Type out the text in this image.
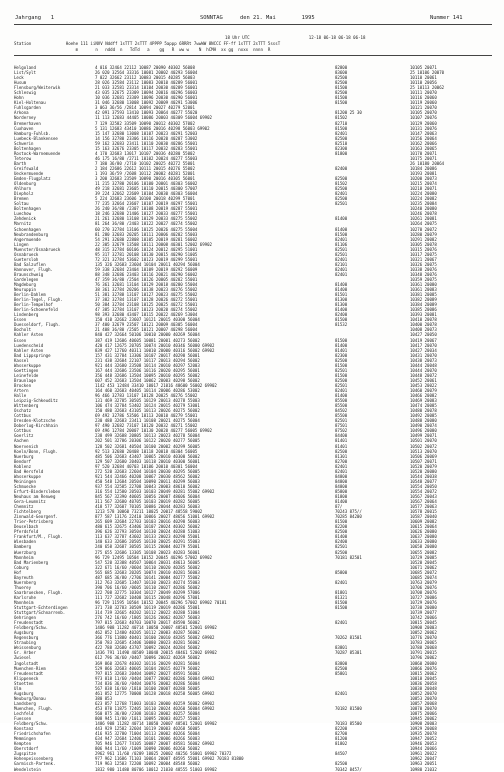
Jahrgang   1	SONNTAG	den 21. Mai	1995	Nummer 141
18 Uhr UTC                        12-18 06-18 06-18 06-18
Station              Hoehe 111 iiNVV Nddff 1sTTT 2sTTT 4PPPP 5appp 6RRRt 7wwWW 8NCCC FF-ff 1sTTT 2sTTT 5sssT
m       n   nddd  n   TdTd   a    gg   R  ww w    N  hCMH  xx gg  nxxx  nnnn  R
Helgoland	4 016 32464 22112 10087 20090 40302 56008	82800	10105 20071
List/Sylt	26 020 32564 33316 10081 20002 40293 56004	83600	25 10106 20070
Leck	7 022 32662 23112 10083 20015 40285 56003	82500	10110 20061
Husum	28 026 32584 23112 10083 20010 40289 56001	82500	10110 20056
Flensburg/Weiterwik	21 033 32581 23314 10104 20030 40289 56001	81500	25 10113 20062
Schleswig	43 035 32675 23309 10094 20016 40296 56003	82500	10111 20070
Hohn	10 036 32681 23309 10096 20030 40290 56001	81500	10116 20060
Kiel-Holtenau	31 046 32680 13008 10092 20009 40291 53006	81500	10119 20060
Fuhlsgarden	3 063 36/56 /2814 10094 20027 40279 52001	10121 20070
Arkona	42 091 37593 13410 10093 20064 40277 55020	81200 25 30	10105 20070
Norderney	11 113 12683 44405 10086 20003 40309 56004 69902	81502	10107 20076
Bremerhaven	7 129 32582 33509 10090 20012 40302 57002	82710	10129 20060
Cuxhaven	5 131 12683 43410 10086 20016 40298 56003 69902	81500	10131 20076
Hamburg-Fuhlsb.	15 147 32680 13008 10107 20023 40291 52003	82401	10147 20063
Luebeck-Blankensee	14 156 32780 23306 10116 20020 40287 53002	82500	10156 20064
Schwerin	59 162 32683 23411 10110 20030 40286 55001	82510	10162 20066
Boltenhagen	15 163 32676 23305 10117 20032 40283 55001	82300	10163 20065
Rostock-Warnemuende	4 170 32683 13017 10107 20036 40280 55002	81800	10170 20071
Teterow	46 175 16/80 /2711 10102 20024 40277 55003	10175 20071
Barth	7 180 36/80 /2710 10102 20025 40272 55001	26 10180 20064
Greifswald	2 184 22686 22612 10111 20015 40276 55002	82400	10184 20086
Ueckermuende	1 193 36/59 /2608 10112 20002 40281 52001	10193 20081
Emden-Flugplatz	3 200 32683 23509 10090 20016 40305 56001	82500	10200 20073
Oldenburg	11 215 32780 20106 10100 20001 40303 56002	81502	10215 20074
Ahlhorn	49 218 32681 23605 10110 20015 40300 57007	82500	10218 20071
Diepholz	39 224 32662 22609 10104 20030 40303 56004	82401	10224 20080
Bremen	5 224 32683 23606 10100 20018 40299 57001	82500	10224 20082
Soltau	77 235 32664 23607 10107 20019 40297 55001	82501	10235 20084
Boltenhagen	26 240 36/80 /2307 10108 20019 40287 55001	10240 20080
Luechow	18 246 32680 21406 10127 20033 40277 55001	10246 20078
Zehdenick	21 261 32680 13108 10129 20033 40275 55002	81400	10261 20081
Marnitz	81 264 36/80 /2403 10122 20027 40274 55002	10264 20075
Schoenhagen	60 270 32784 13106 10125 20026 40275 55004	81400	10270 20072
Neubrandenburg	81 280 32683 20205 10111 20006 40282 55003	81500	10280 20079
Angermuende	54 291 32680 22808 10105 20019 40281 56002	82401	10291 20082
Lingen	22 305 32679 13508 10111 20008 40301 52002 69902	81106	10305 20078
Muenster/Osnabrueck	48 315 32784 60106 10124 20012 40295 51001	82501	10315 20076
Osnabrueck	95 317 32781 20108 10130 20015 40290 51005	82501	10317 20075
Guetersloh	72 321 32784 53602 10123 20019 40299 55001	82401	10321 20067
Bad Salzuflen	135 326 32683 23604 10104 20011 40294 56004	82101	10326 20075
Hannover, Flugh.	59 338 32684 23404 10109 20019 40292 56009	82401	10338 20076
Braunschweig	88 348 32686 23403 10116 20021 40290 56002	82401	10348 20076
Gardelegen	47 359 36/80 /2504 10126 20005 40282 55001	10359 20075
Magdeburg	76 361 32681 13104 10129 20018 40280 55004	81400	10361 20080
Neuruppin	38 361 32784 20206 10138 20023 40276 55002	81400	10361 20083
Berlin-Dahlem	51 381 32788 13107 10127 20023 40275 55002	81501	10381 20085
Berlin-Tegel, Flugh.	37 382 32784 13107 10128 20026 40272 55001	81300	10382 20089
Berlin-Tempelhof	50 384 32784 23108 10125 20025 40272 55001	81300	10384 20089
Berlin-Schoenefeld	47 385 32784 13107 10123 20020 40274 55002	81400	10385 20086
Lindenberg	98 393 32680 43407 10115 20022 40269 53004	82400	10393 20081
Essen	150 410 32662 23607 10121 20015 40300 56004	81500	10410 20078
Duesseldorf, Flugh.	37 400 32679 23507 10121 20009 40305 56004	81532	10400 20078
Bocholt	21 408 36/80 /2505 10121 20007 40298 56004	10408 20073
Kahler Asten	840 427 32664 50106 10010 20000 40269 56004	10427 20050
Essen	387 419 12686 40605 10081 20001 40273 56002	81500	10419 20067
Luedenscheid	420 417 12675 20705 10074 20010 40346 56000 69902	81400	10417 20070
Kahler Asten	839 427 12760 40311 10010 20000 40316 56002 69902	81401	10427 20034
Bad Lippspringe	157 431 32784 13306 10107 20017 40298 56001	82300	10431 20070
Kassel	231 438 32684 22107 10117 20013 40294 56002	82500	10438 20073
Wasserkuppe	921 444 32680 23508 10114 20010 40297 52003	81500	10444 20048
Goettingen	167 444 32686 23506 10116 20020 40295 56001	82501	10444 20070
Leinefelde	356 448 32686 13504 10095 20010 40295 56002	81500	10448 20072
Braunlage	607 452 32683 13504 10062 20003 40298 56002	82500	10452 20061
Brocken	1142 453 12484 33410 10017 21016 48600 56002 69902	82501	10453 20022
Artern	164 460 32683 40405 10114 20006 40286 53002	82401	10460 20079
Halle	96 466 32783 13107 10128 20025 40276 55002	81400	10466 20082
Leipzig-Schkeuditz	131 469 32785 30505 10129 20013 40278 55003	85500	10469 20083
Wittenberg	106 474 32784 53402 10124 20015 40279 53001	85500	10474 20085
Oschatz	150 480 32683 43105 10113 20026 40275 56002	84502	10480 20078
Cottbus	69 492 32786 53506 10113 20010 40279 55001	85500	10492 20085
Dresden-Klotzsche	230 488 32683 23411 10108 20021 40275 56004	82501	10488 20080
Doberlug-Kirchhain	97 490 32682 73107 10120 20032 40271 55002	87501	10490 20074
Cottbus	69 496 12784 20007 10130 20020 40277 56005 69902	87502	10496 20080
Goerlitz	238 499 32688 20805 10113 20023 40278 56004	84400	10499 20071
Aachen	202 501 32786 20306 10122 20020 40277 56005	81401	10501 20070
Noervenich	128 502 32681 40504 10100 20002 40299 56005	81401	10502 20072
Koeln/Bonn, Flugh.	92 513 32680 20408 10118 20018 40304 56005	82500	10513 20070
Nuerburg	485 506 32683 43407 10065 20010 40300 56002	81301	10506 20069
Bendorf	129 507 32680 20403 10118 20010 40300 56001	82700	10507 20071
Koblenz	97 520 32684 40703 10106 20010 40301 56004	82401	10520 20079
Bad Hersfeld	272 520 32683 22604 10104 20030 40295 56005	82401	10520 20080
Wasserkuppe	921 544 32466 40208 10067 20030 48562 56002	84800	10544 20038
Meiningen	450 548 12684 20504 10090 20011 40299 56003	84800	10548 20077
Schmuecke	937 554 32585 22708 10043 20003 48610 56002	84800	10554 20050
Erfurt-Bindersleben	316 554 12580 20503 10103 20049 40281 55002 69902	85800	10554 20072
Neuhaus am Renweg	845 567 32390 40605 10056 20007 48606 56004	81800	10567 20043
Gera-Leumnitz	311 567 32680 40705 10103 20019 40282 56005	81400	10567 20064
Chemnitz	418 577 32607 70105 10086 20044 40283 56003	87/	10577 20063
Fichtelberg	1213 578 10060 73211 10025 20017 48558 59002	70243 875//	10578 20015
Zinnwald-Georgenf.	877 587 13176 22410 10066 20027 48656 51001 69902	70285 84200	10587 20040
Trier-Petrisberg	265 609 32684 22703 10103 20016 40298 56003	81500	10609 20082
Deuselbach	480 615 32675 43406 10107 20024 40302 56002	82200	10615 20064
Pferdsfeld	396 626 32793 30504 10130 20024 40288 51003	82500	10626 20080
Frankfurt/M., Flugh.	113 637 32787 43602 10133 20023 40290 55001	81400	10637 20080
Wiesbaden	140 633 32686 20505 10130 20025 40291 55003	82400	10633 20080
Bamberg	240 658 32687 30505 10115 20004 40279 55001	82501	10658 20080
Wuerzburg	275 655 32686 13305 10108 20023 40283 56001	82500	10655 20082
Mannheim	96 729 12495 10504 10152 20045 40296 57002 69902	70181 82501	10729 20085
Bad Marienberg	547 520 32388 40507 10064 20031 48613 56005	10520 20045
Coburg	322 671 16/60 /0604 10110 20020 40285 56002	10671 20062
Hof	565 685 32683 20205 10074 20010 40281 56003	85800	10685 20072
Bayreuth	487 685 36/80 /2706 10141 20004 40277 55002	10685 20074
Nuernberg	312 763 32685 13407 10130 20023 40274 55003	82401	10763 20079
Thuerey	390 706 16/60 /0605 10110 20027 40286 56002	10706 20076
Saarbruecken, Flugh.	322 708 32775 10304 10127 20049 40299 57006	81801	10708 20076
Karlsruhe	111 727 32682 10408 10115 20048 40296 57001	81321	10727 20086
Mannheim	96 729 11595 10504 10152 20045 40296 57002 69902 70181	81500	10729 20076
Stuttgart-Echterdingen	371 738 32783 30509 10119 20019 40286 55001	81500	10738 20080
Stuttgart/Schnarrenb.	314 739 32665 40202 10112 20022 40288 51004	10739 20077
Oehringen	276 742 16/60 /1805 10126 20062 40287 56003	10742 20066
Freudenstadt	797 815 32683 40703 10070 20017 48590 56002	82401	10815 20045
Feldberg/Schw.	1486 908 11282 40714 10050 20007 48501 52001 69902	10908 20003
Augsburg	462 852 12480 40205 10112 20003 40287 56002	10852 20062
Regensburg	366 776 11880 40401 10100 20010 48285 56002 69902	70262 81501	10776 20070
Straubing	350 783 32685 43406 10080 20023 40281 56002	10783 20065
Weissenburg	422 788 32680 43707 10092 20024 40284 56002	83801	10788 20068
Gr. Arber	1436 791 11490 40509 10048 20015 48461 52002 69902	70287 85301	10791 20015
Zwiesel	612 796 36/60 /0407 10096 20032 40269 56002	10796 20062
Ingolstadt	369 860 32678 40302 10116 20029 40281 56004	83800	10860 20080
Muenchen-Riem	529 866 32683 40605 10104 20015 40279 56002	82500	10866 20076
Freudenstadt	797 815 32683 20404 10092 20027 48591 56003	85801	10815 20062
Klippeneck	973 818 11/60 /0404 10077 20002 40286 56004 69902	10818 20045
Stoetten	734 836 36/60 /0404 10076 20002 40286 56004	10836 20058
Ulm	567 838 16/60 /1810 10100 20007 40288 56005	10838 20048
Augsburg	461 852 12775 70008 10128 20018 40258 56005 69902	82401	10852 20070
Neuburg/Donau	380 853	10853 20070
Landsberg	623 857 12768 71003 10103 20000 40259 56002 69902	10857 20068
Muenchen, Flugh.	453 870 11875 72405 10110 20024 40260 56004 69902	70182 81500	10870 20070
Lechfeld	560 875 36/80 /2308 10103 20002 40257 56004	10875 20066
Fuessen	808 945 11/80 /1011 10095 20003 40257 55003	10945 20062
Feldberg/Schw.	1486 908 11282 40714 10050 20007 48501 52001 69902	70183 85500	10908 20003
Konstanz	443 929 12582 32604 10119 20003 40268 56005	82200	10929 20068
Friedrichshafen	416 935 32780 71004 10113 20002 40266 56004	82700	10935 20078
Memmingen	634 947 32684 12406 10101 20006 40266 56003	81200	10947 20052
Kempten	705 946 12677 74105 10087 20007 48581 56002 69902	81802	10946 20053
Oberstdorf	806 944 11/60 /1009 10090 20006 40260 56002	10944 20066
Zugspitze	2962 961 11/60 /0209 10025 20002 40256 56001 69902 70372	84507	10961 20022
Hohenpeissenberg	977 962 11686 71103 10064 20007 48595 55001 69902 70183 81800	10962 20047
Garmisch-Partenk.	719 963 12583 72208 10092 20004 48548 56002	82500	10963 20051
Wendelstein	1832 980 11480 80706 10012 21030 48555 51003 69902	70342 8457/	10980 21032
